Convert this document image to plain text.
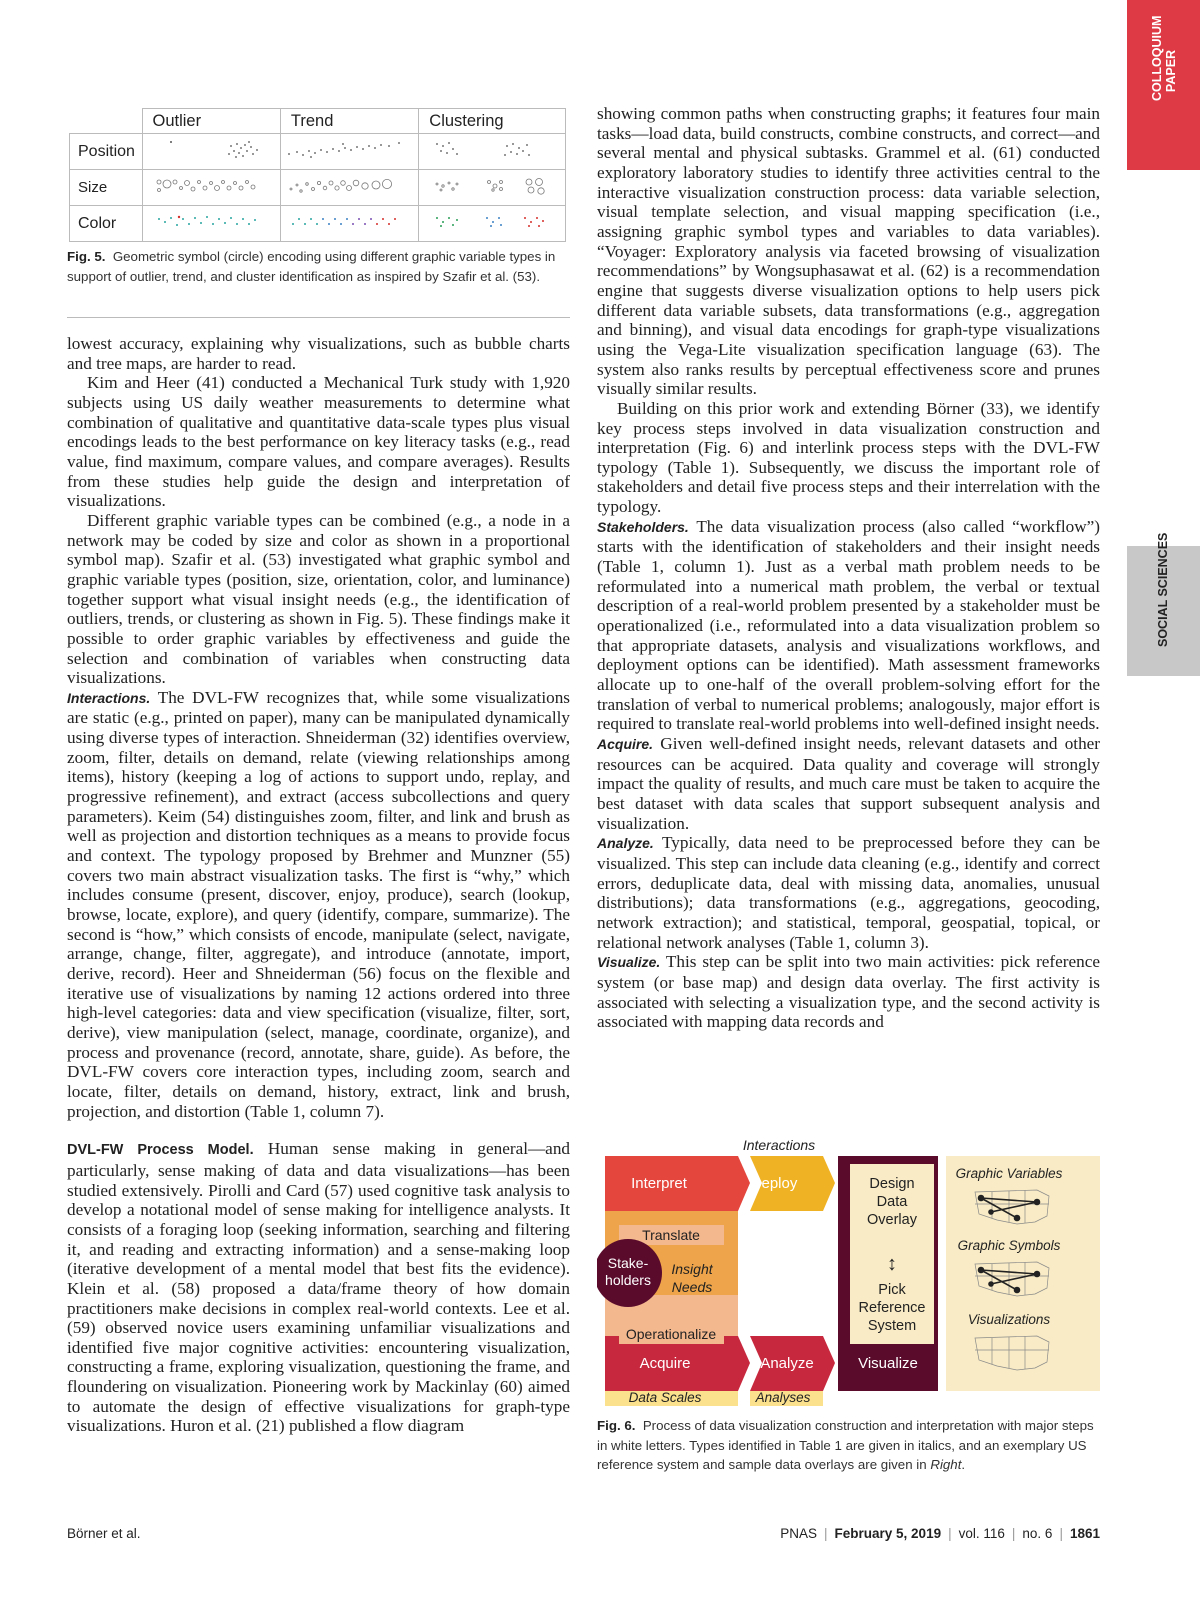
COLLOQUIUM PAPER
SOCIAL SCIENCES
	Outlier	Trend	Clustering
Position			
Size			
Color			
Fig. 5. Geometric symbol (circle) encoding using different graphic variable types in support of outlier, trend, and cluster identification as inspired by Szafir et al. (53).

lowest accuracy, explaining why visualizations, such as bubble charts and tree maps, are harder to read.

Kim and Heer (41) conducted a Mechanical Turk study with 1,920 subjects using US daily weather measurements to determine what combination of qualitative and quantitative data-scale types plus visual encodings leads to the best performance on key literacy tasks (e.g., read value, find maximum, compare values, and compare averages). Results from these studies help guide the design and interpretation of visualizations.

Different graphic variable types can be combined (e.g., a node in a network may be coded by size and color as shown in a proportional symbol map). Szafir et al. (53) investigated what graphic symbol and graphic variable types (position, size, orientation, color, and luminance) together support what visual insight needs (e.g., the identification of outliers, trends, or clustering as shown in Fig. 5). These findings make it possible to order graphic variables by effectiveness and guide the selection and combination of variables when constructing data visualizations.

Interactions. The DVL-FW recognizes that, while some visualizations are static (e.g., printed on paper), many can be manipulated dynamically using diverse types of interaction. Shneiderman (32) identifies overview, zoom, filter, details on demand, relate (viewing relationships among items), history (keeping a log of actions to support undo, replay, and progressive refinement), and extract (access subcollections and query parameters). Keim (54) distinguishes zoom, filter, and link and brush as well as projection and distortion techniques as a means to provide focus and context. The typology proposed by Brehmer and Munzner (55) covers two main abstract visualization tasks. The first is “why,” which includes consume (present, discover, enjoy, produce), search (lookup, browse, locate, explore), and query (identify, compare, summarize). The second is “how,” which consists of encode, manipulate (select, navigate, arrange, change, filter, aggregate), and introduce (annotate, import, derive, record). Heer and Shneiderman (56) focus on the flexible and iterative use of visualizations by naming 12 actions ordered into three high-level categories: data and view specification (visualize, filter, sort, derive), view manipulation (select, manage, coordinate, organize), and process and provenance (record, annotate, share, guide). As before, the DVL-FW covers core interaction types, including zoom, search and locate, filter, details on demand, history, extract, link and brush, projection, and distortion (Table 1, column 7).

DVL-FW Process Model. Human sense making in general—and particularly, sense making of data and data visualizations—has been studied extensively. Pirolli and Card (57) used cognitive task analysis to develop a notational model of sense making for intelligence analysts. It consists of a foraging loop (seeking information, searching and filtering it, and reading and extracting information) and a sense-making loop (iterative development of a mental model that best fits the evidence). Klein et al. (58) proposed a data/frame theory of how domain practitioners make decisions in complex real-world contexts. Lee et al. (59) observed novice users examining unfamiliar visualizations and identified five major cognitive activities: encountering visualization, constructing a frame, exploring visualization, questioning the frame, and floundering on visualization. Pioneering work by Mackinlay (60) aimed to automate the design of effective visualizations for graph-type visualizations. Huron et al. (21) published a flow diagram

showing common paths when constructing graphs; it features four main tasks—load data, build constructs, combine constructs, and correct—and several mental and physical subtasks. Grammel et al. (61) conducted exploratory laboratory studies to identify three activities central to the interactive visualization construction process: data variable selection, visual template selection, and visual mapping specification (i.e., assigning graphic symbol types and variables to data variables). “Voyager: Exploratory analysis via faceted browsing of visualization recommendations” by Wongsuphasawat et al. (62) is a recommendation engine that suggests diverse visualization options to help users pick different data variable subsets, data transformations (e.g., aggregation and binning), and visual data encodings for graph-type visualizations using the Vega-Lite visualization specification language (63). The system also ranks results by perceptual effectiveness score and prunes visually similar results.

Building on this prior work and extending Börner (33), we identify key process steps involved in data visualization construction and interpretation (Fig. 6) and interlink process steps with the DVL-FW typology (Table 1). Subsequently, we discuss the important role of stakeholders and detail five process steps and their interrelation with the typology.

Stakeholders. The data visualization process (also called “workflow”) starts with the identification of stakeholders and their insight needs (Table 1, column 1). Just as a verbal math problem needs to be reformulated into a numerical math problem, the verbal or textual description of a real-world problem presented by a stakeholder must be operationalized (i.e., reformulated into a data visualization problem so that appropriate datasets, analysis and visualizations workflows, and deployment options can be identified). Math assessment frameworks allocate up to one-half of the overall problem-solving effort for the translation of verbal to numerical problems; analogously, major effort is required to translate real-world problems into well-defined insight needs.

Acquire. Given well-defined insight needs, relevant datasets and other resources can be acquired. Data quality and coverage will strongly impact the quality of results, and much care must be taken to acquire the best dataset with data scales that support subsequent analysis and visualization.

Analyze. Typically, data need to be preprocessed before they can be visualized. This step can include data cleaning (e.g., identify and correct errors, deduplicate data, deal with missing data, anomalies, unusual distributions); data transformations (e.g., aggregations, geocoding, network extraction); and statistical, temporal, geospatial, topical, or relational network analyses (Table 1, column 3).

Visualize. This step can be split into two main activities: pick reference system (or base map) and design data overlay. The first activity is associated with selecting a visualization type, and the second activity is associated with mapping data records and

Interactions
Interpret	Deploy
Translate
Stake-holders
Insight Needs
Operationalize
Acquire	Analyze	Visualize
Data Scales	Analyses
Design Data Overlay
↕
Pick Reference System
Graphic Variables
Graphic Symbols
Visualizations
Fig. 6. Process of data visualization construction and interpretation with major steps in white letters. Types identified in Table 1 are given in italics, and an exemplary US reference system and sample data overlays are given in Right.
Börner et al.	PNAS | February 5, 2019 | vol. 116 | no. 6 | 1861
